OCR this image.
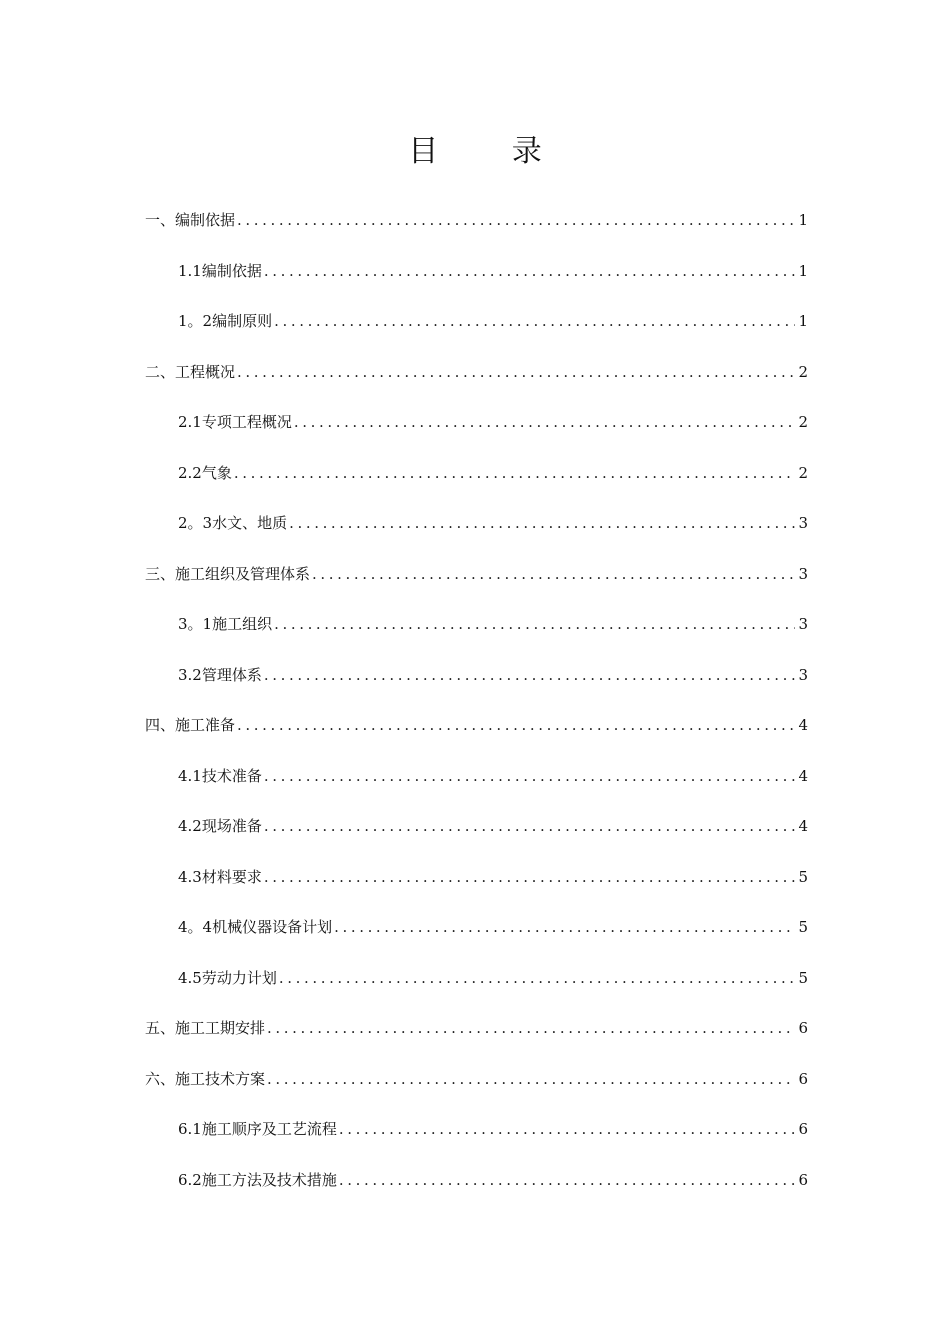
目 录
一、编制依据 .....	1
1.1编制依据 .....	1
1。2编制原则 .....	1
二、工程概况 .....	2
2.1专项工程概况 .....	2
2.2气象 .....	2
2。3水文、地质 .....	3
三、施工组织及管理体系 .....	3
3。1施工组织 .....	3
3.2管理体系 .....	3
四、施工准备 .....	4
4.1技术准备 .....	4
4.2现场准备 .....	4
4.3材料要求 .....	5
4。4机械仪器设备计划 .....	5
4.5劳动力计划 .....	5
五、施工工期安排 .....	6
六、施工技术方案 .....	6
6.1施工顺序及工艺流程 .....	6
6.2施工方法及技术措施 .....	6
